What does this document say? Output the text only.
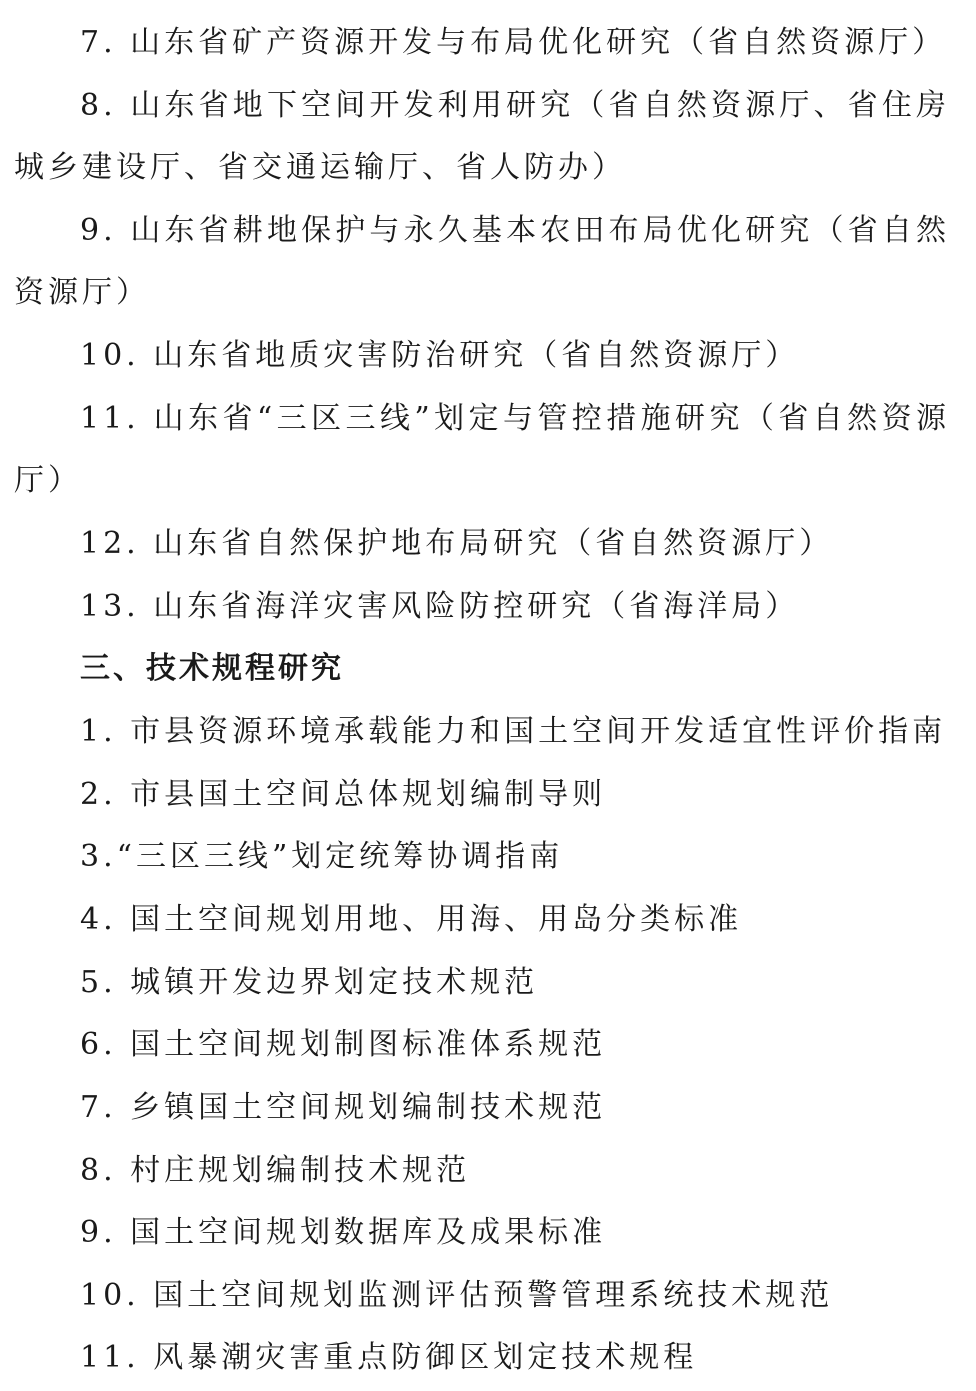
7. 山东省矿产资源开发与布局优化研究（省自然资源厅）
8. 山东省地下空间开发利用研究（省自然资源厅、省住房
城乡建设厅、省交通运输厅、省人防办）
9. 山东省耕地保护与永久基本农田布局优化研究（省自然
资源厅）
10. 山东省地质灾害防治研究（省自然资源厅）
11. 山东省“三区三线”划定与管控措施研究（省自然资源
厅）
12. 山东省自然保护地布局研究（省自然资源厅）
13. 山东省海洋灾害风险防控研究（省海洋局）
三、技术规程研究
1. 市县资源环境承载能力和国土空间开发适宜性评价指南
2. 市县国土空间总体规划编制导则
3.“三区三线”划定统筹协调指南
4. 国土空间规划用地、用海、用岛分类标准
5. 城镇开发边界划定技术规范
6. 国土空间规划制图标准体系规范
7. 乡镇国土空间规划编制技术规范
8. 村庄规划编制技术规范
9. 国土空间规划数据库及成果标准
10. 国土空间规划监测评估预警管理系统技术规范
11. 风暴潮灾害重点防御区划定技术规程
